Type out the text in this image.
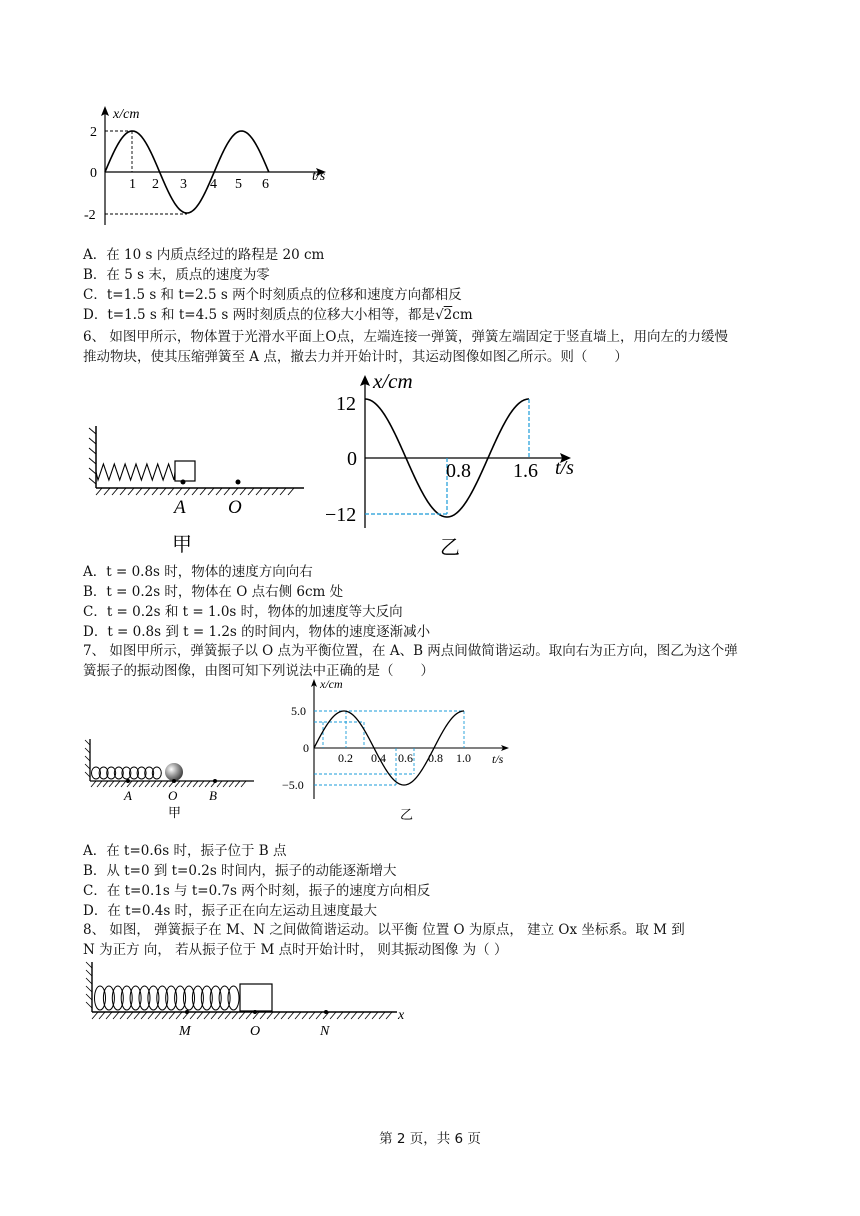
x/cm
t/s
2
0
-2
1 2 3 4 5 6
A．在 10 s 内质点经过的路程是 20 cm
B．在 5 s 末，质点的速度为零
C．t=1.5 s 和 t=2.5 s 两个时刻质点的位移和速度方向都相反
D．t=1.5 s 和 t=4.5 s 两时刻质点的位移大小相等，都是√2cm
6、 如图甲所示，物体置于光滑水平面上O点，左端连接一弹簧，弹簧左端固定于竖直墙上，用向左的力缓慢
推动物块，使其压缩弹簧至 A 点，撤去力并开始计时，其运动图像如图乙所示。则（　　）
A O
甲
x/cm
t/s
12
0
−12
0.8 1.6
乙
A．t = 0.8s 时，物体的速度方向向右
B．t = 0.2s 时，物体在 O 点右侧 6cm 处
C．t = 0.2s 和 t = 1.0s 时，物体的加速度等大反向
D．t = 0.8s 到 t = 1.2s 的时间内，物体的速度逐渐减小
7、 如图甲所示，弹簧振子以 O 点为平衡位置，在 A、B 两点间做简谐运动。取向右为正方向，图乙为这个弹
簧振子的振动图像，由图可知下列说法中正确的是（　　）
A	O B
甲
x/cm
t/s
5.0
0
−5.0
0.2 0.4 0.6 0.8 1.0
乙
A．在 t=0.6s 时，振子位于 B 点
B．从 t=0 到 t=0.2s 时间内，振子的动能逐渐增大
C．在 t=0.1s 与 t=0.7s 两个时刻，振子的速度方向相反
D．在 t=0.4s 时，振子正在向左运动且速度最大
8、 如图， 弹簧振子在 M、N 之间做简谐运动。以平衡 位置 O 为原点， 建立 Ox 坐标系。取 M 到
N 为正方 向， 若从振子位于 M 点时开始计时， 则其振动图像 为（ ）
M	O	N
x
第 2 页，共 6 页
